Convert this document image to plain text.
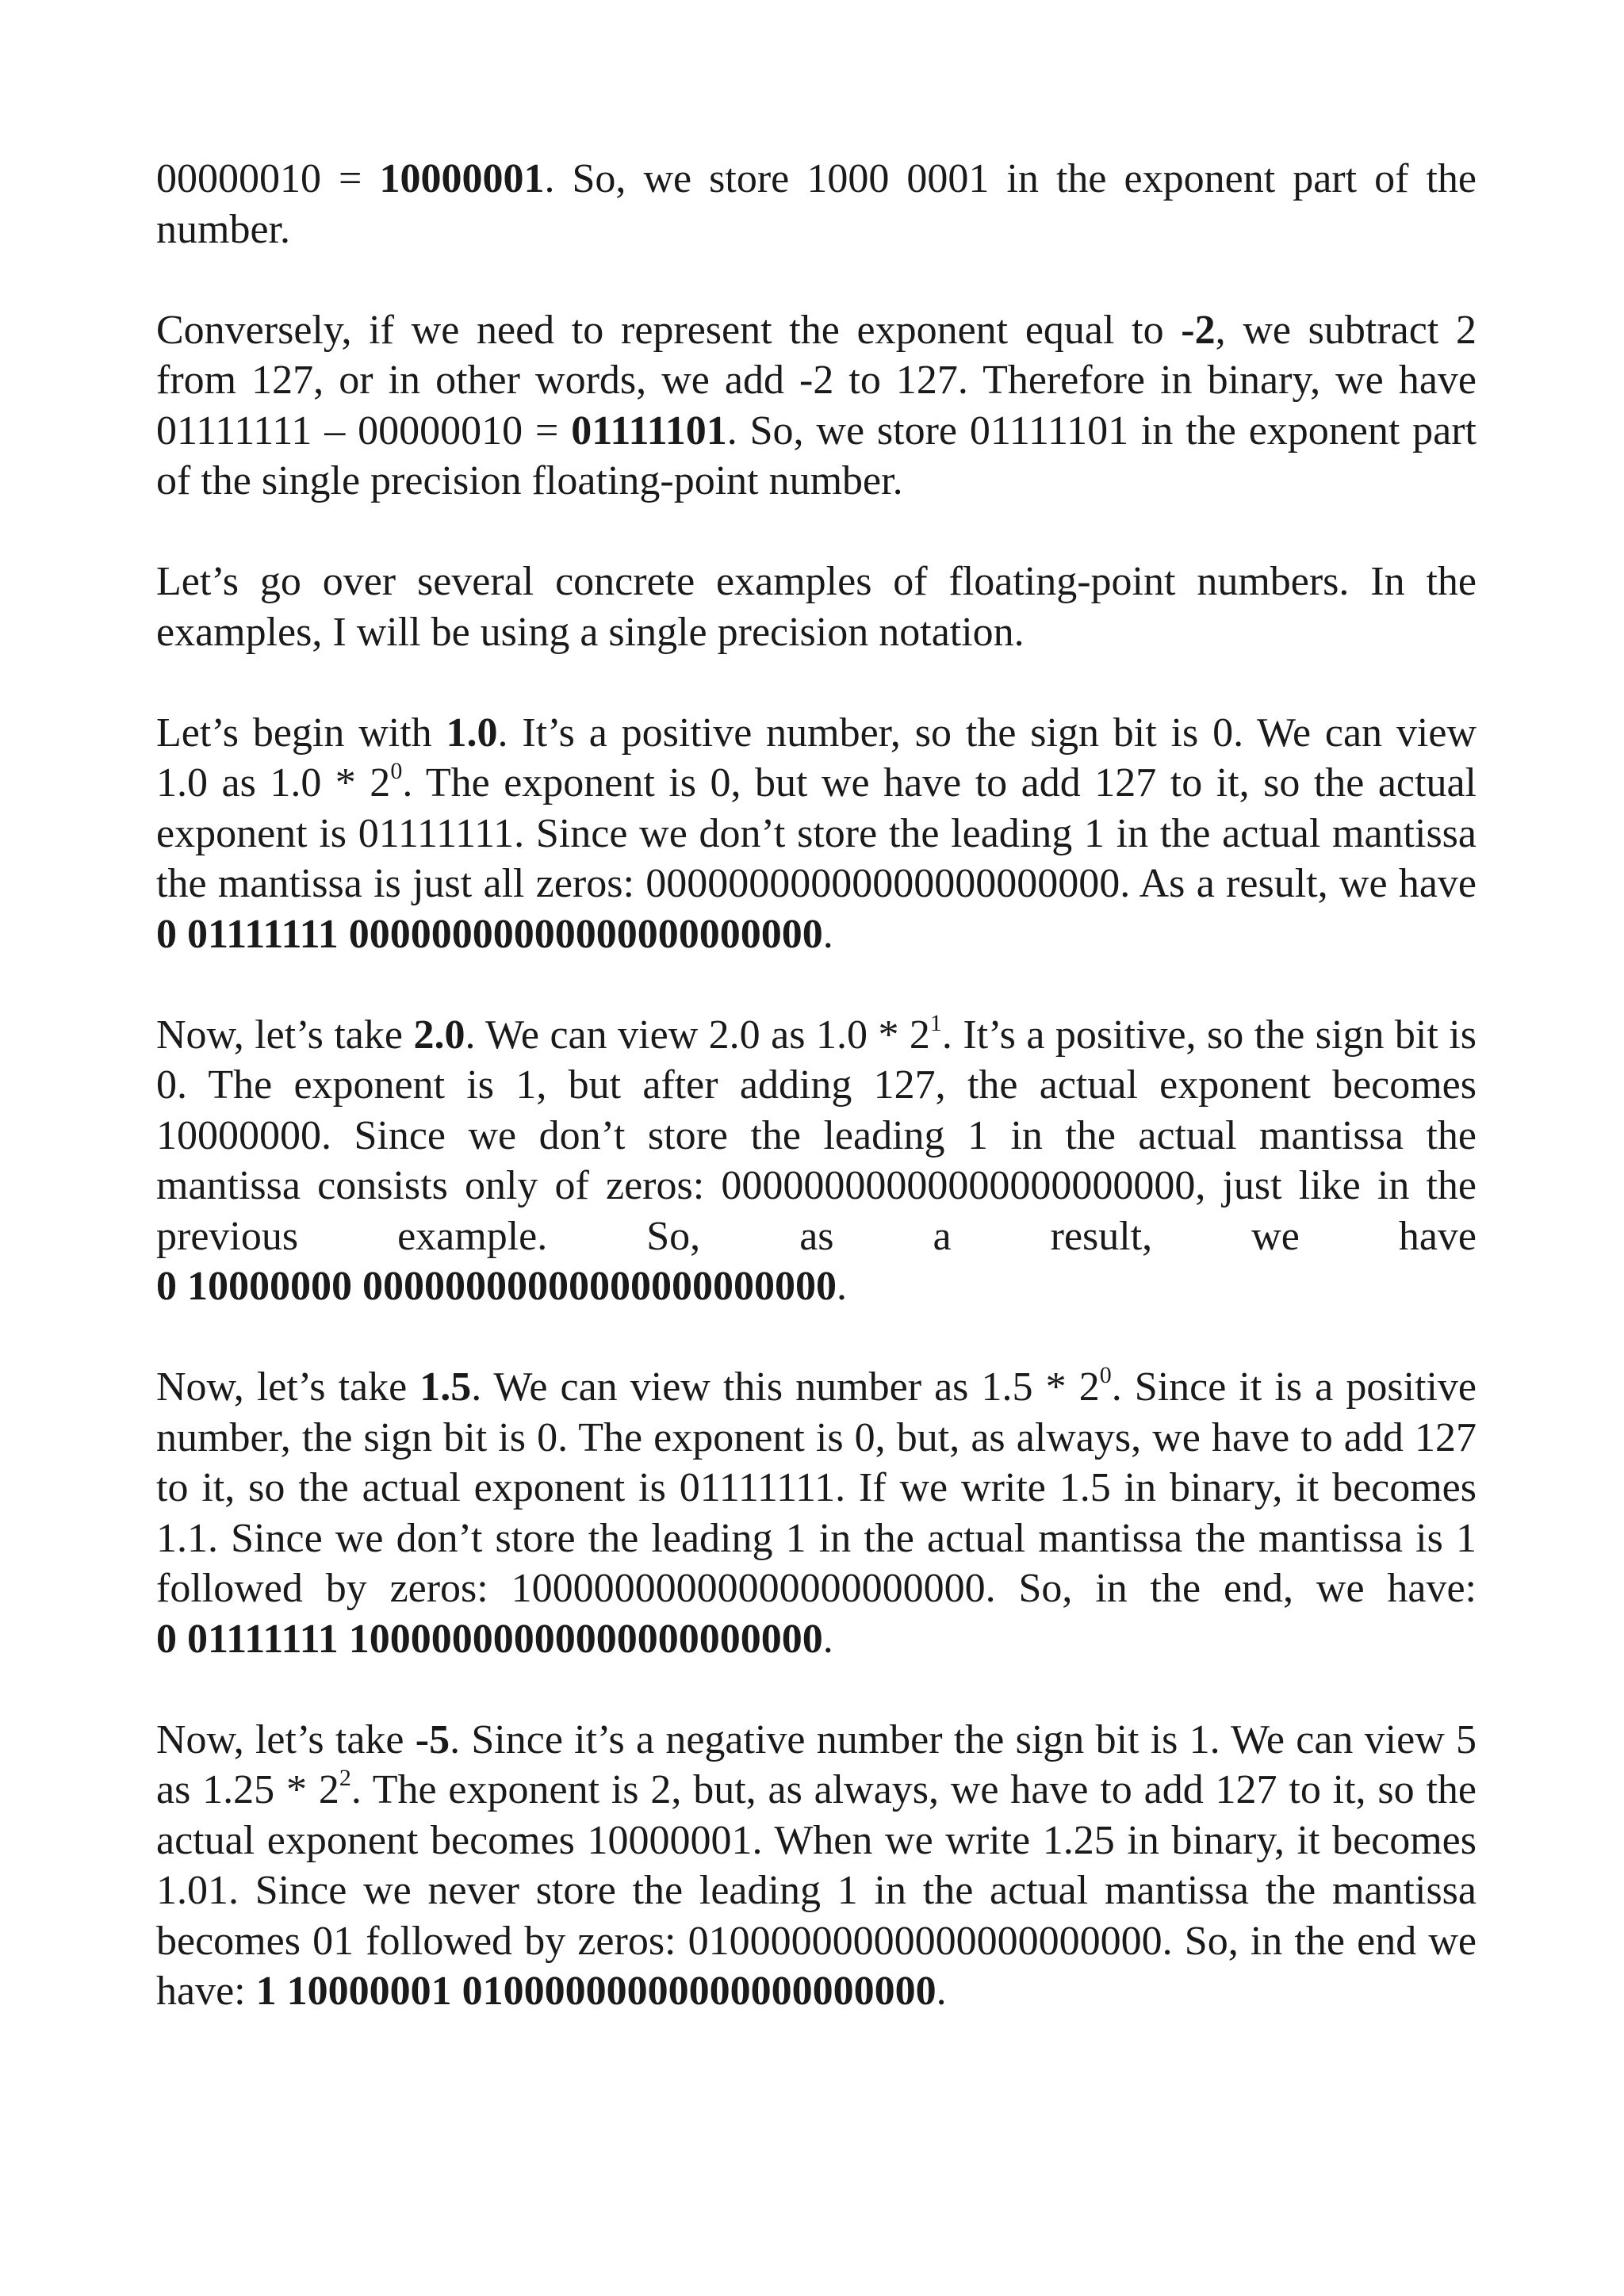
00000010 = 10000001. So, we store 1000 0001 in the exponent part of the number.

Conversely, if we need to represent the exponent equal to -2, we subtract 2 from 127, or in other words, we add -2 to 127. Therefore in binary, we have 01111111 – 00000010 = 01111101. So, we store 01111101 in the exponent part of the single precision floating-point number.

Let’s go over several concrete examples of floating-point numbers. In the examples, I will be using a single precision notation.

Let’s begin with 1.0. It’s a positive number, so the sign bit is 0. We can view 1.0 as $1.0 * 2^0$. The exponent is 0, but we have to add 127 to it, so the actual exponent is 01111111. Since we don’t store the leading 1 in the actual mantissa the mantissa is just all zeros: 00000000000000000000000. As a result, we have 0 01111111 00000000000000000000000.

Now, let’s take 2.0. We can view 2.0 as $1.0 * 2^1$. It’s a positive, so the sign bit is 0. The exponent is 1, but after adding 127, the actual exponent becomes 10000000. Since we don’t store the leading 1 in the actual mantissa the mantissa consists only of zeros: 00000000000000000000000, just like in the previous example. So, as a result, we have 0 10000000 00000000000000000000000.

Now, let’s take 1.5. We can view this number as $1.5 * 2^0$. Since it is a positive number, the sign bit is 0. The exponent is 0, but, as always, we have to add 127 to it, so the actual exponent is 01111111. If we write 1.5 in binary, it becomes 1.1. Since we don’t store the leading 1 in the actual mantissa the mantissa is 1 followed by zeros: 10000000000000000000000. So, in the end, we have: 0 01111111 10000000000000000000000.

Now, let’s take -5. Since it’s a negative number the sign bit is 1. We can view 5 as $1.25 * 2^2$. The exponent is 2, but, as always, we have to add 127 to it, so the actual exponent becomes 10000001. When we write 1.25 in binary, it becomes 1.01. Since we never store the leading 1 in the actual mantissa the mantissa becomes 01 followed by zeros: 01000000000000000000000. So, in the end we have: 1 10000001 01000000000000000000000.
